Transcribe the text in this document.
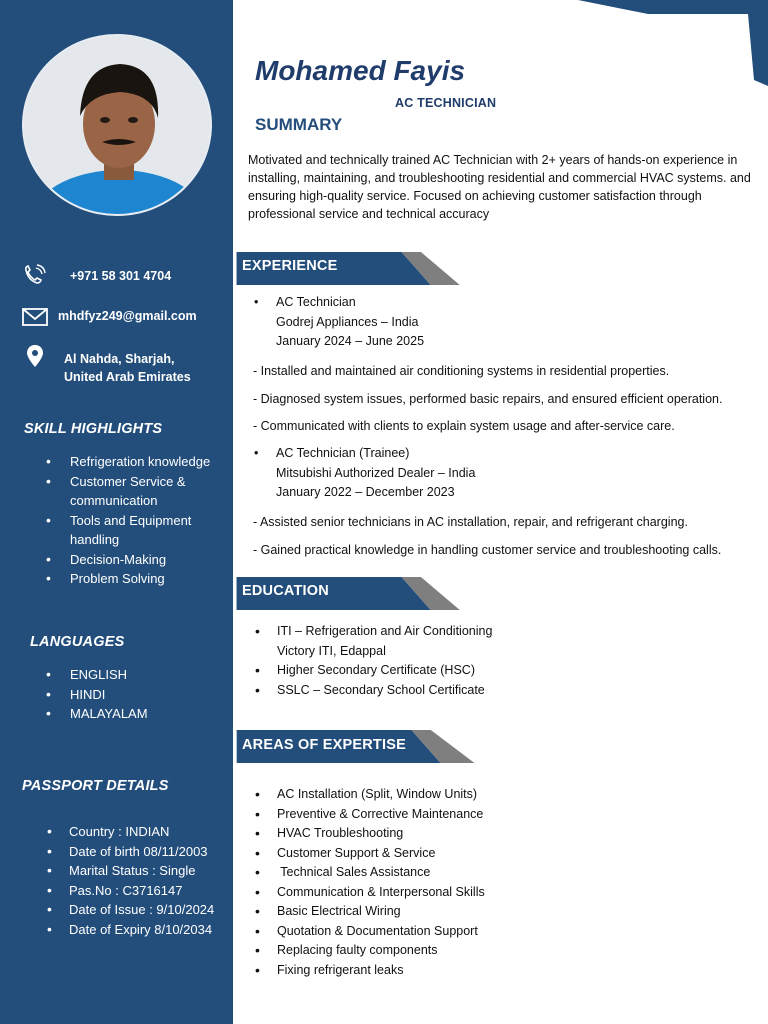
+971 58 301 4704
mhdfyz249@gmail.com
Al Nahda, Sharjah,
United Arab Emirates
SKILL HIGHLIGHTS
• Refrigeration knowledge
• Customer Service & communication
• Tools and Equipment handling
• Decision-Making
• Problem Solving
LANGUAGES
• ENGLISH
• HINDI
• MALAYALAM
PASSPORT DETAILS
• Country : INDIAN
• Date of birth 08/11/2003
• Marital Status : Single
• Pas.No : C3716147
• Date of Issue : 9/10/2024
• Date of Expiry 8/10/2034
Mohamed Fayis
AC TECHNICIAN
SUMMARY
Motivated and technically trained AC Technician with 2+ years of hands-on experience in installing, maintaining, and troubleshooting residential and commercial HVAC systems. and ensuring high-quality service. Focused on achieving customer satisfaction through professional service and technical accuracy
EXPERIENCE
• AC Technician
Godrej Appliances – India
January 2024 – June 2025
- Installed and maintained air conditioning systems in residential properties.
- Diagnosed system issues, performed basic repairs, and ensured efficient operation.
- Communicated with clients to explain system usage and after-service care.
• AC Technician (Trainee)
Mitsubishi Authorized Dealer – India
January 2022 – December 2023
- Assisted senior technicians in AC installation, repair, and refrigerant charging.
- Gained practical knowledge in handling customer service and troubleshooting calls.
EDUCATION
• ITI – Refrigeration and Air Conditioning
Victory ITI, Edappal
• Higher Secondary Certificate (HSC)
• SSLC – Secondary School Certificate
AREAS OF EXPERTISE
• AC Installation (Split, Window Units)
• Preventive & Corrective Maintenance
• HVAC Troubleshooting
• Customer Support & Service
•  Technical Sales Assistance
• Communication & Interpersonal Skills
• Basic Electrical Wiring
• Quotation & Documentation Support
• Replacing faulty components
• Fixing refrigerant leaks
